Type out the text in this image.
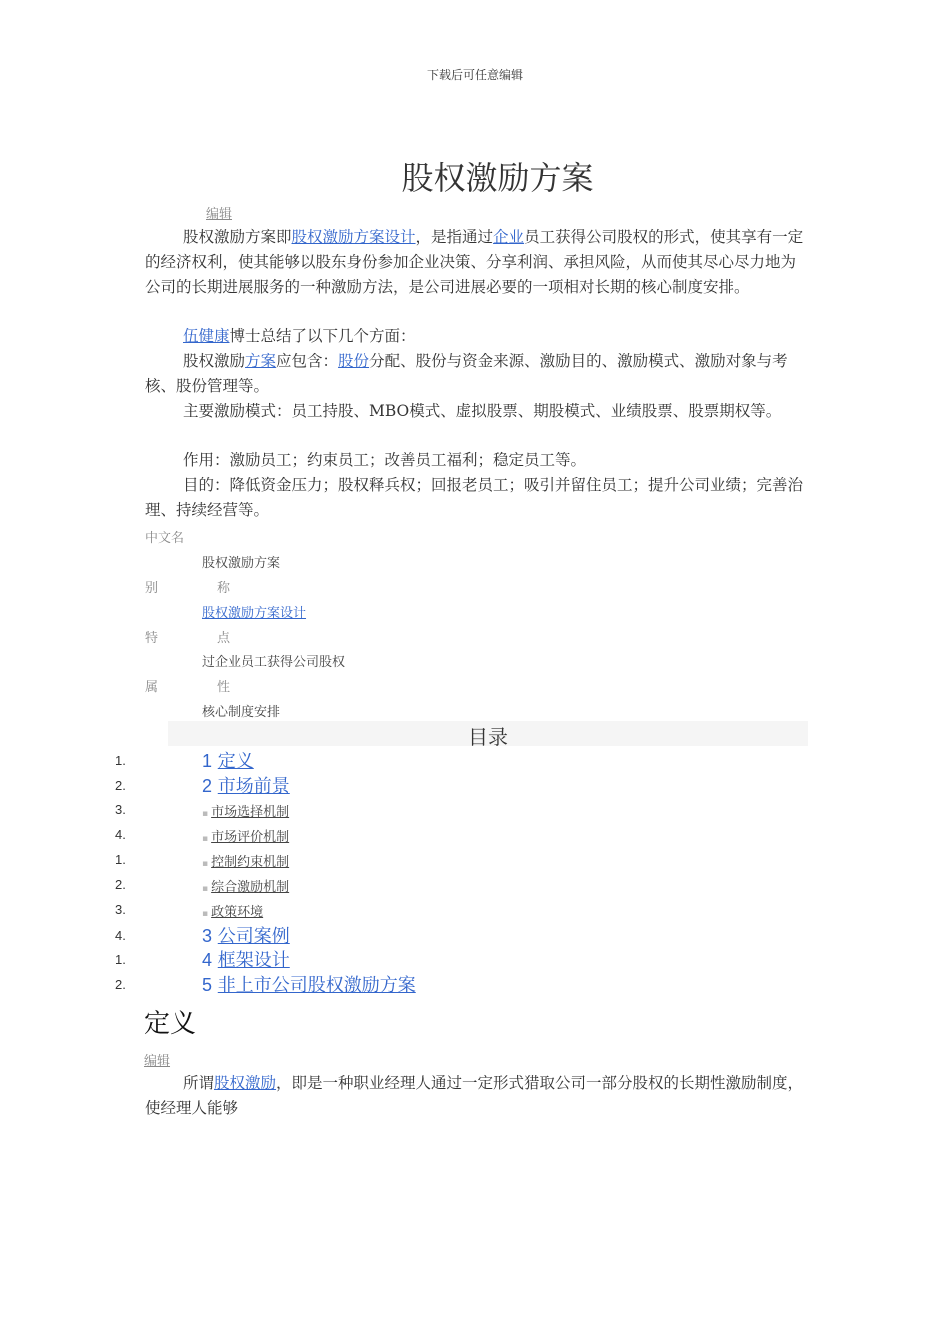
下载后可任意编辑
股权激励方案
编辑
股权激励方案即股权激励方案设计，是指通过企业员工获得公司股权的形式，使其享有一定的经济权利，使其能够以股东身份参加企业决策、分享利润、承担风险，从而使其尽心尽力地为公司的长期进展服务的一种激励方法，是公司进展必要的一项相对长期的核心制度安排。
伍健康博士总结了以下几个方面：
股权激励方案应包含：股份分配、股份与资金来源、激励目的、激励模式、激励对象与考核、股份管理等。
主要激励模式：员工持股、MBO模式、虚拟股票、期股模式、业绩股票、股票期权等。
作用：激励员工；约束员工；改善员工福利；稳定员工等。
目的：降低资金压力；股权释兵权；回报老员工；吸引并留住员工；提升公司业绩；完善治理、持续经营等。
中文名
股权激励方案
别	称
股权激励方案设计
特	点
过企业员工获得公司股权
属	性
核心制度安排
目录
1.	1 定义
2.	2 市场前景
3.	▪ 市场选择机制
4.	▪ 市场评价机制
1.	▪ 控制约束机制
2.	▪ 综合激励机制
3.	▪ 政策环境
4.	3 公司案例
1.	4 框架设计
2.	5 非上市公司股权激励方案
定义
编辑
所谓股权激励，即是一种职业经理人通过一定形式猎取公司一部分股权的长期性激励制度，使经理人能够
